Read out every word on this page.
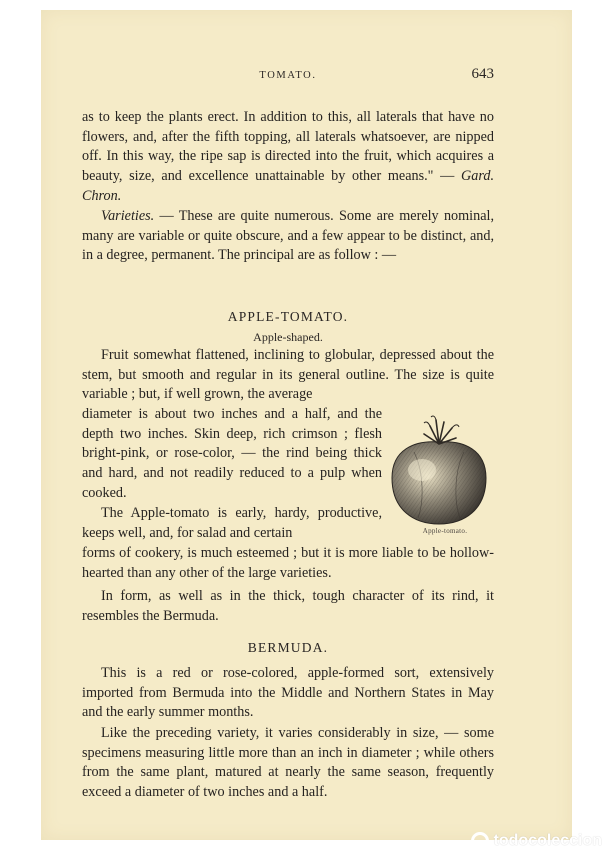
TOMATO.	643

as to keep the plants erect. In addition to this, all laterals that have no flowers, and, after the fifth topping, all laterals whatsoever, are nipped off. In this way, the ripe sap is directed into the fruit, which acquires a beauty, size, and excellence unattainable by other means." — Gard. Chron.

Varieties. — These are quite numerous. Some are merely nominal, many are variable or quite obscure, and a few appear to be distinct, and, in a degree, permanent. The principal are as follow : —

APPLE-TOMATO.
Apple-shaped.

Fruit somewhat flattened, inclining to globular, depressed about the stem, but smooth and regular in its general outline. The size is quite variable ; but, if well grown, the average

diameter is about two inches and a half, and the depth two inches. Skin deep, rich crimson ; flesh bright-pink, or rose-color, — the rind being thick and hard, and not readily reduced to a pulp when cooked.

The Apple-tomato is early, hardy, productive, keeps well, and, for salad and certain

forms of cookery, is much esteemed ; but it is more liable to be hollow-hearted than any other of the large varieties.

In form, as well as in the thick, tough character of its rind, it resembles the Bermuda.

BERMUDA.

This is a red or rose-colored, apple-formed sort, extensively imported from Bermuda into the Middle and Northern States in May and the early summer months.

Like the preceding variety, it varies considerably in size, — some specimens measuring little more than an inch in diameter ; while others from the same plant, matured at nearly the same season, frequently exceed a diameter of two inches and a half.

Apple-tomato.
todocoleccion
